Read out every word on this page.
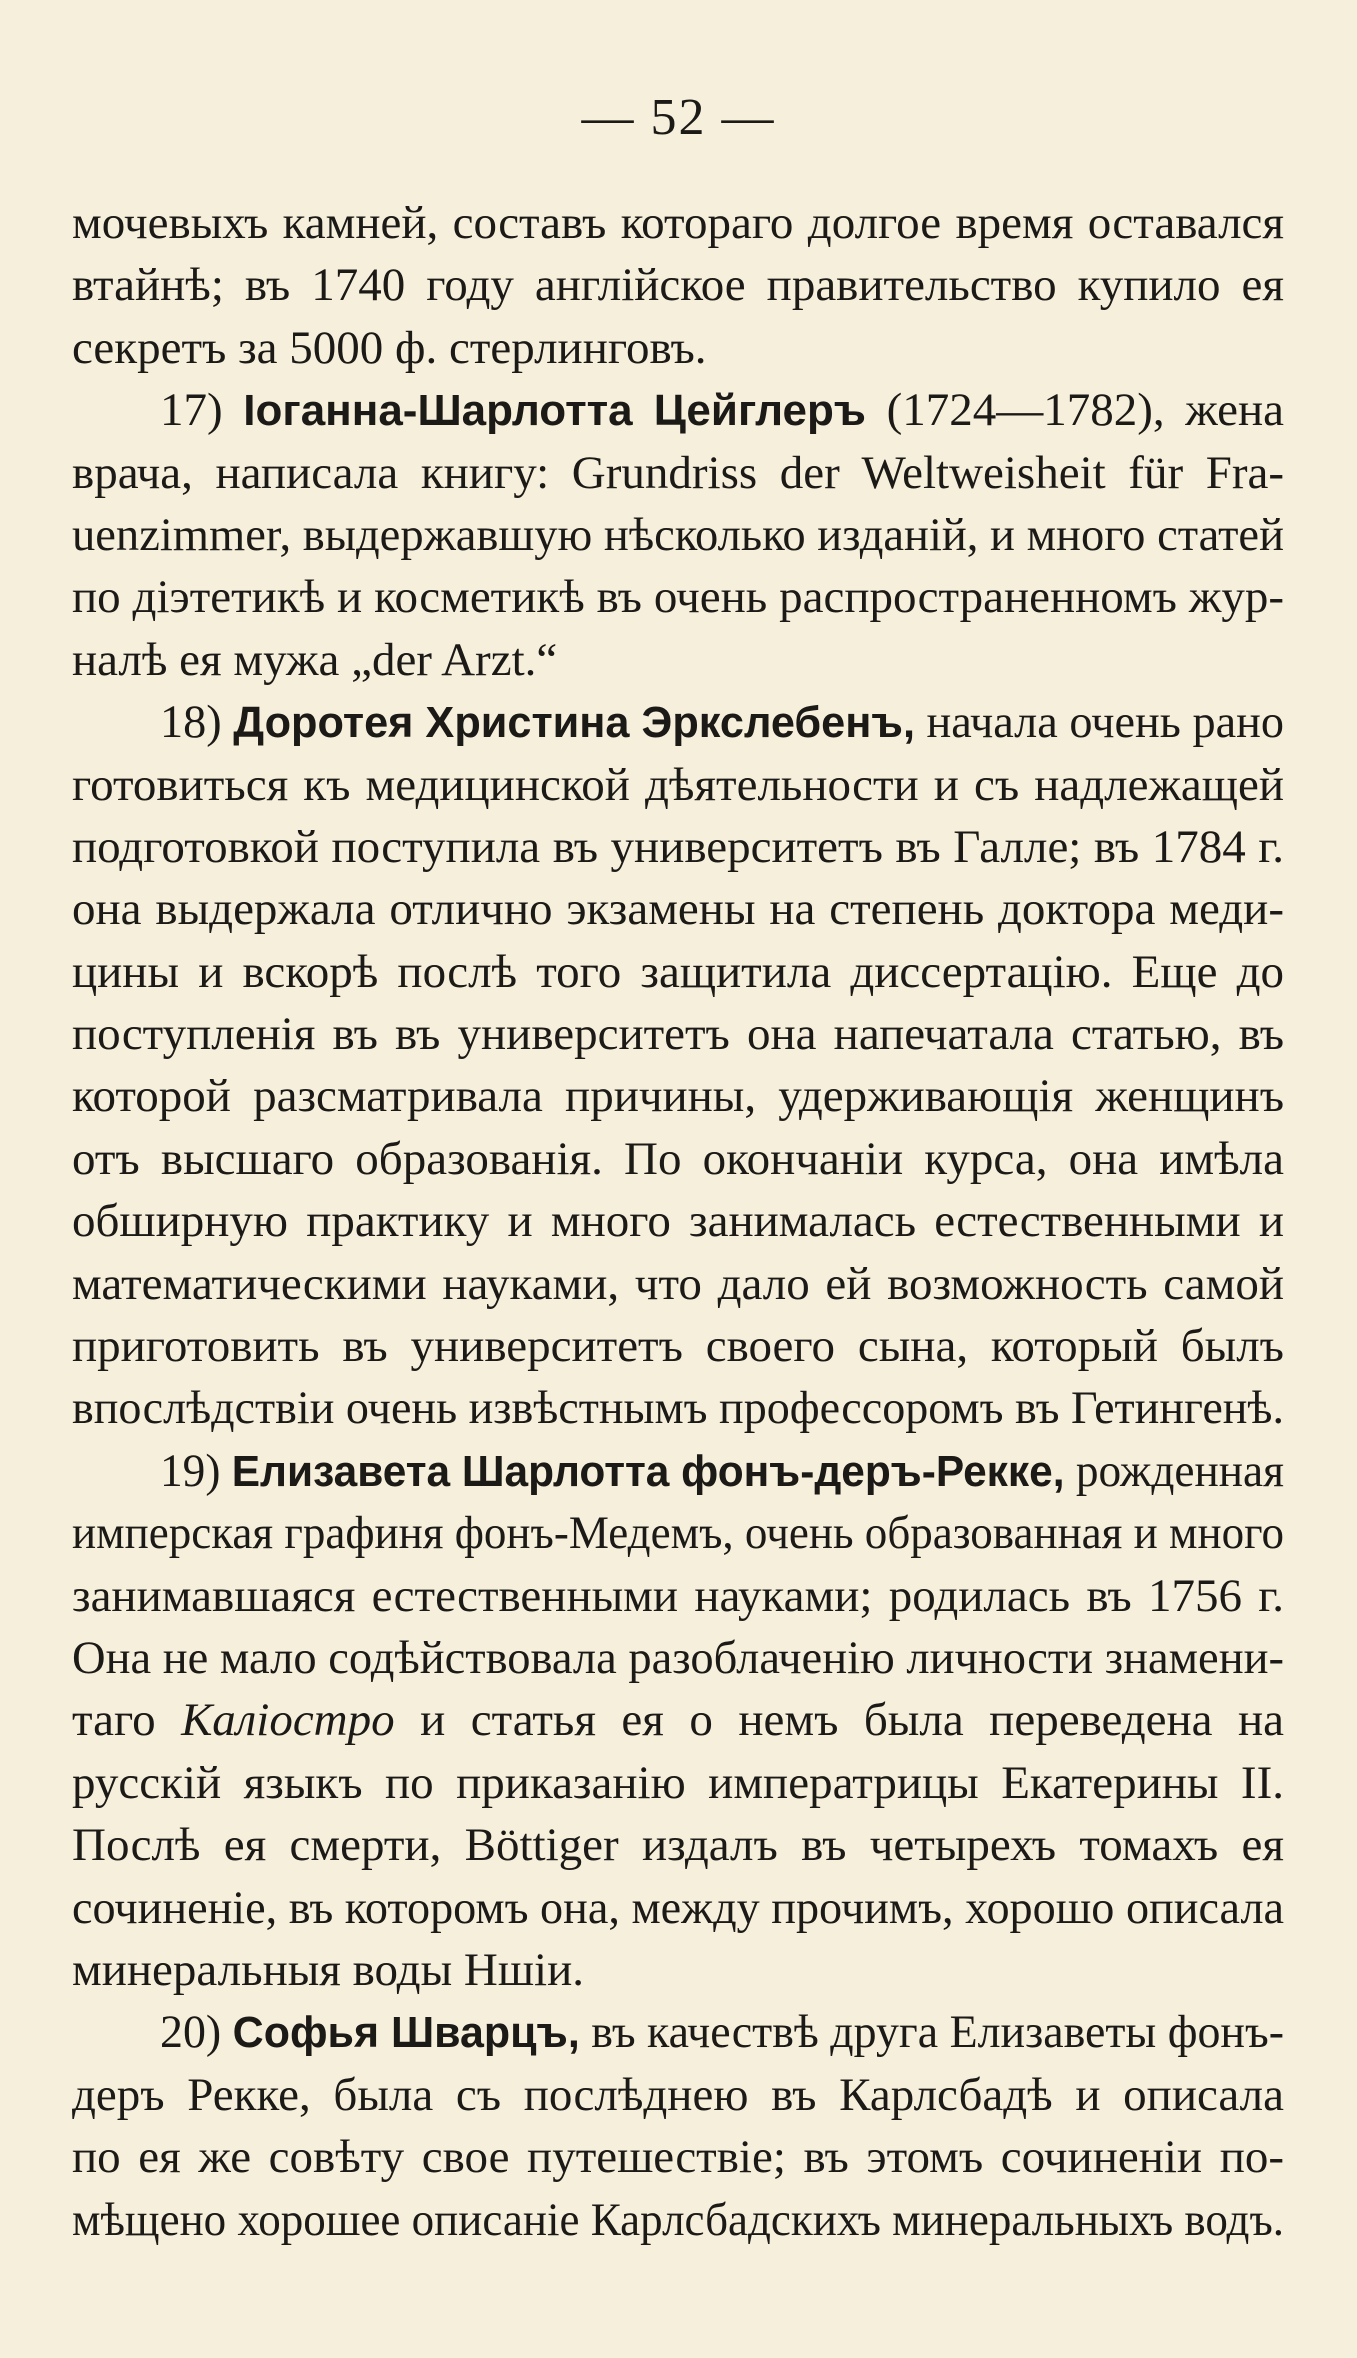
— 52 —
мочевыхъ камней, составъ котораго долгое время оставался
втайнѣ; въ 1740 году англійское правительство купило ея
секретъ за 5000 ф. стерлинговъ.
17) Іоганна-Шарлотта Цейглеръ (1724—1782), жена
врача, написала книгу: Grundriss der Weltweisheit für Fra-
uenzimmer, выдержавшую нѣсколько изданій, и много статей
по діэтетикѣ и косметикѣ въ очень распространенномъ жур-
налѣ ея мужа „der Arzt.“
18) Доротея Христина Эркслебенъ, начала очень рано
готовиться къ медицинской дѣятельности и съ надлежащей
подготовкой поступила въ университетъ въ Галле; въ 1784 г.
она выдержала отлично экзамены на степень доктора меди-
цины и вскорѣ послѣ того защитила диссертацію. Еще до
поступленія въ въ университетъ она напечатала статью, въ
которой разсматривала причины, удерживающія женщинъ
отъ высшаго образованія. По окончаніи курса, она имѣла
обширную практику и много занималась естественными и
математическими науками, что дало ей возможность самой
приготовить въ университетъ своего сына, который былъ
впослѣдствіи очень извѣстнымъ профессоромъ въ Гетингенѣ.
19) Елизавета Шарлотта фонъ-деръ-Рекке, рожденная
имперская графиня фонъ-Медемъ, очень образованная и много
занимавшаяся естественными науками; родилась въ 1756 г.
Она не мало содѣйствовала разоблаченію личности знамени-
таго Каліостро и статья ея о немъ была переведена на
русскій языкъ по приказанію императрицы Екатерины II.
Послѣ ея смерти, Böttiger издалъ въ четырехъ томахъ ея
сочиненіе, въ которомъ она, между прочимъ, хорошо описала
минеральныя воды Ншіи.
20) Софья Шварцъ, въ качествѣ друга Елизаветы фонъ-
деръ Рекке, была съ послѣднею въ Карлсбадѣ и описала
по ея же совѣту свое путешествіе; въ этомъ сочиненіи по-
мѣщено хорошее описаніе Карлсбадскихъ минеральныхъ водъ.
